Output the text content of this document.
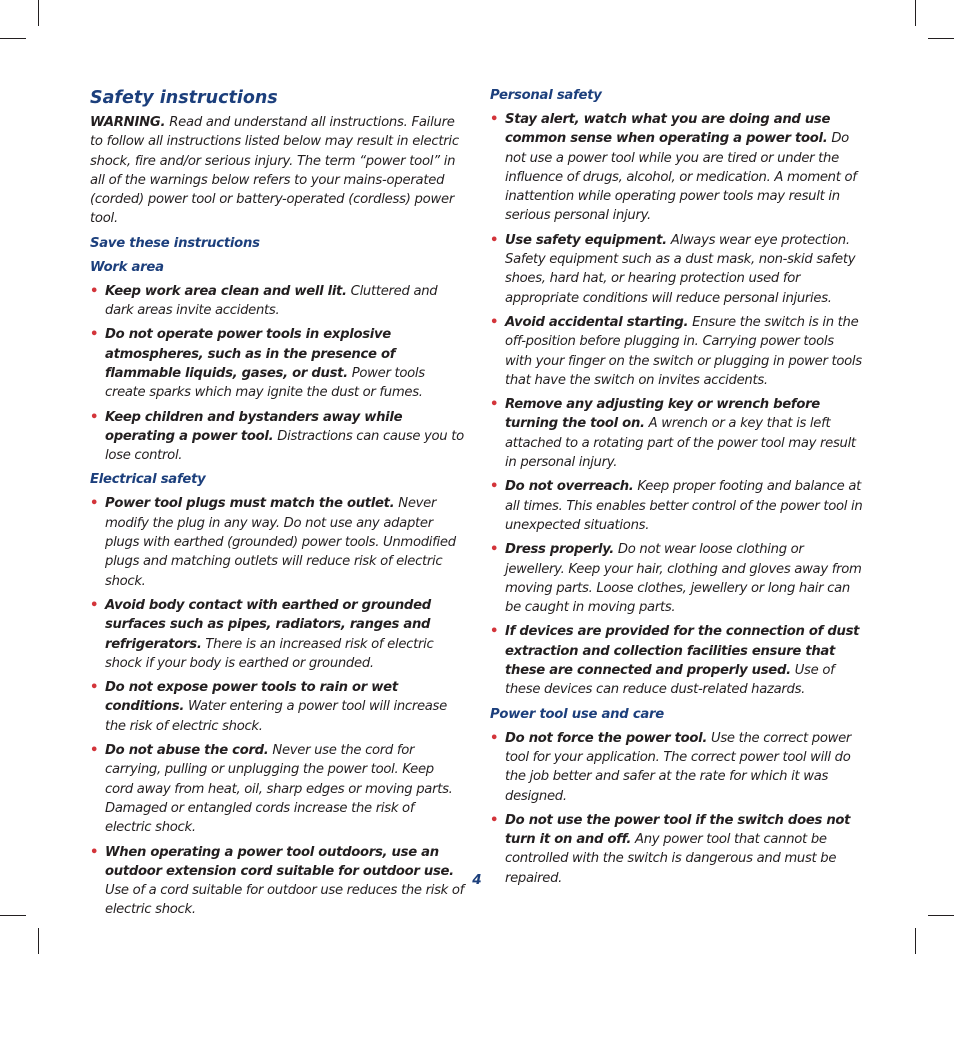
Safety instructions

WARNING. Read and understand all instructions. Failure to follow all instructions listed below may result in electric shock, fire and/or serious injury. The term “power tool” in all of the warnings below refers to your mains-operated (corded) power tool or battery-operated (cordless) power tool.

Save these instructions
Work area
• Keep work area clean and well lit. Cluttered and dark areas invite accidents.
• Do not operate power tools in explosive atmospheres, such as in the presence of flammable liquids, gases, or dust. Power tools create sparks which may ignite the dust or fumes.
• Keep children and bystanders away while operating a power tool. Distractions can cause you to lose control.
Electrical safety
• Power tool plugs must match the outlet. Never modify the plug in any way. Do not use any adapter plugs with earthed (grounded) power tools. Unmodified plugs and matching outlets will reduce risk of electric shock.
• Avoid body contact with earthed or grounded surfaces such as pipes, radiators, ranges and refrigerators. There is an increased risk of electric shock if your body is earthed or grounded.
• Do not expose power tools to rain or wet conditions. Water entering a power tool will increase the risk of electric shock.
• Do not abuse the cord. Never use the cord for carrying, pulling or unplugging the power tool. Keep cord away from heat, oil, sharp edges or moving parts. Damaged or entangled cords increase the risk of electric shock.
• When operating a power tool outdoors, use an outdoor extension cord suitable for outdoor use. Use of a cord suitable for outdoor use reduces the risk of electric shock.
Personal safety
• Stay alert, watch what you are doing and use common sense when operating a power tool. Do not use a power tool while you are tired or under the influence of drugs, alcohol, or medication. A moment of inattention while operating power tools may result in serious personal injury.
• Use safety equipment. Always wear eye protection. Safety equipment such as a dust mask, non-skid safety shoes, hard hat, or hearing protection used for appropriate conditions will reduce personal injuries.
• Avoid accidental starting. Ensure the switch is in the off-position before plugging in. Carrying power tools with your finger on the switch or plugging in power tools that have the switch on invites accidents.
• Remove any adjusting key or wrench before turning the tool on. A wrench or a key that is left attached to a rotating part of the power tool may result in personal injury.
• Do not overreach. Keep proper footing and balance at all times. This enables better control of the power tool in unexpected situations.
• Dress properly. Do not wear loose clothing or jewellery. Keep your hair, clothing and gloves away from moving parts. Loose clothes, jewellery or long hair can be caught in moving parts.
• If devices are provided for the connection of dust extraction and collection facilities ensure that these are connected and properly used. Use of these devices can reduce dust-related hazards.
Power tool use and care
• Do not force the power tool. Use the correct power tool for your application. The correct power tool will do the job better and safer at the rate for which it was designed.
• Do not use the power tool if the switch does not turn it on and off. Any power tool that cannot be controlled with the switch is dangerous and must be repaired.
4
